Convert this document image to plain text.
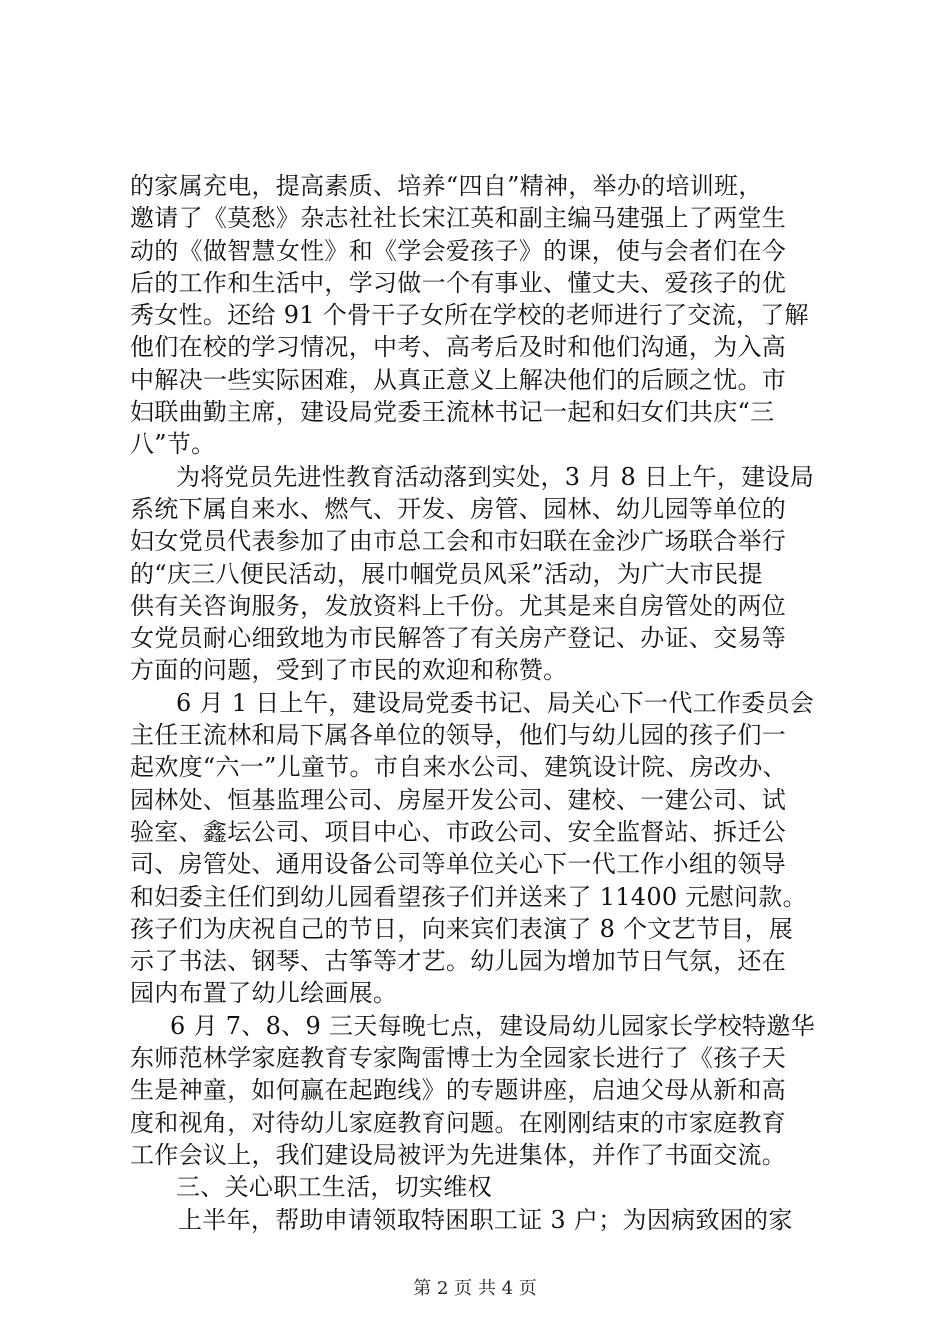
的家属充电，提高素质、培养“四自”精神，举办的培训班，
邀请了《莫愁》杂志社社长宋江英和副主编马建强上了两堂生
动的《做智慧女性》和《学会爱孩子》的课，使与会者们在今
后的工作和生活中，学习做一个有事业、懂丈夫、爱孩子的优
秀女性。还给 91 个骨干子女所在学校的老师进行了交流，了解
他们在校的学习情况，中考、高考后及时和他们沟通，为入高
中解决一些实际困难，从真正意义上解决他们的后顾之忧。市
妇联曲勤主席，建设局党委王流林书记一起和妇女们共庆“三
八”节。
为将党员先进性教育活动落到实处，3 月 8 日上午，建设局
系统下属自来水、燃气、开发、房管、园林、幼儿园等单位的
妇女党员代表参加了由市总工会和市妇联在金沙广场联合举行
的“庆三八便民活动，展巾帼党员风采”活动，为广大市民提
供有关咨询服务，发放资料上千份。尤其是来自房管处的两位
女党员耐心细致地为市民解答了有关房产登记、办证、交易等
方面的问题，受到了市民的欢迎和称赞。
6 月 1 日上午，建设局党委书记、局关心下一代工作委员会
主任王流林和局下属各单位的领导，他们与幼儿园的孩子们一
起欢度“六一”儿童节。市自来水公司、建筑设计院、房改办、
园林处、恒基监理公司、房屋开发公司、建校、一建公司、试
验室、鑫坛公司、项目中心、市政公司、安全监督站、拆迁公
司、房管处、通用设备公司等单位关心下一代工作小组的领导
和妇委主任们到幼儿园看望孩子们并送来了 11400 元慰问款。
孩子们为庆祝自己的节日，向来宾们表演了 8 个文艺节目，展
示了书法、钢琴、古筝等才艺。幼儿园为增加节日气氛，还在
园内布置了幼儿绘画展。
6 月 7、8、9 三天每晚七点，建设局幼儿园家长学校特邀华
东师范林学家庭教育专家陶雷博士为全园家长进行了《孩子天
生是神童，如何赢在起跑线》的专题讲座，启迪父母从新和高
度和视角，对待幼儿家庭教育问题。在刚刚结束的市家庭教育
工作会议上，我们建设局被评为先进集体，并作了书面交流。
三、关心职工生活，切实维权
上半年，帮助申请领取特困职工证 3 户；为因病致困的家
第 2 页 共 4 页
